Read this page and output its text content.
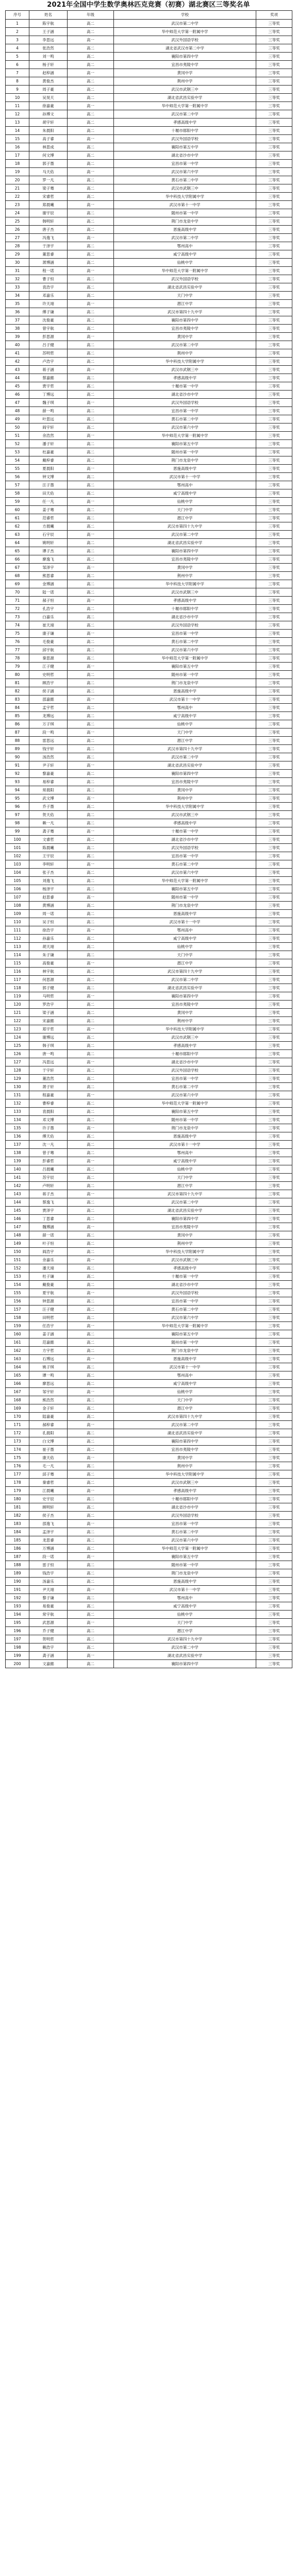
2021年全国中学生数学奥林匹克竞赛（初赛）湖北赛区三等奖名单
序号	姓名	年级	学校	奖项
1	陈宇航	高二	武汉市第二中学	三等奖
2	王子涵	高二	华中师范大学第一附属中学	三等奖
3	李思远	高一	武汉外国语学校	三等奖
4	张浩然	高二	湖北省武汉市第二中学	三等奖
5	刘一鸣	高二	襄阳市第四中学	三等奖
6	杨子轩	高二	宜昌市夷陵中学	三等奖
7	赵梓涵	高一	黄冈中学	三等奖
8	黄俊杰	高二	荆州中学	三等奖
9	周子豪	高二	武汉市武钢三中	三等奖
10	吴昊天	高二	湖北省武昌实验中学	三等奖
11	徐嘉豪	高一	华中师范大学第一附属中学	三等奖
12	孙博文	高二	武汉市第二中学	三等奖
13	胡宇轩	高二	孝感高级中学	三等奖
14	朱晨阳	高二	十堰市郧阳中学	三等奖
15	高子睿	高一	武汉外国语学校	三等奖
16	林思成	高二	襄阳市第五中学	三等奖
17	何文博	高二	湖北省沙市中学	三等奖
18	郭子墨	高二	宜昌市第一中学	三等奖
19	马天佑	高一	武汉市第六中学	三等奖
20	罗一凡	高二	黄石市第二中学	三等奖
21	梁子骞	高二	武汉市武钢三中	三等奖
22	宋睿哲	高二	华中科技大学附属中学	三等奖
23	郑晨曦	高一	武汉市第十一中学	三等奖
24	谢宇辰	高二	随州市第一中学	三等奖
25	韩明轩	高二	荆门市龙泉中学	三等奖
26	唐子杰	高二	恩施高级中学	三等奖
27	冯逸飞	高一	武汉市第二中学	三等奖
28	于泽宇	高二	鄂州高中	三等奖
29	董思睿	高二	咸宁高级中学	三等奖
30	萧博涵	高二	仙桃中学	三等奖
31	程一诺	高一	华中师范大学第一附属中学	三等奖
32	曹子恒	高二	武汉外国语学校	三等奖
33	袁浩宇	高二	湖北省武昌实验中学	三等奖
34	邓嘉乐	高二	天门中学	三等奖
35	许天翊	高一	潜江中学	三等奖
36	傅子谦	高二	武汉市第四十九中学	三等奖
37	沈俊豪	高二	襄阳市第四中学	三等奖
38	曾宇航	高二	宜昌市夷陵中学	三等奖
39	彭思源	高一	黄冈中学	三等奖
40	吕子健	高二	武汉市第二中学	三等奖
41	苏明哲	高二	荆州中学	三等奖
42	卢浩宇	高二	华中科技大学附属中学	三等奖
43	蒋子涵	高一	武汉市武钢三中	三等奖
44	蔡嘉懿	高二	孝感高级中学	三等奖
45	贾宇哲	高二	十堰市第一中学	三等奖
46	丁博远	高二	湖北省沙市中学	三等奖
47	魏子琪	高一	武汉外国语学校	三等奖
48	薛一鸣	高二	宜昌市第一中学	三等奖
49	叶思远	高二	黄石市第二中学	三等奖
50	阎宇轩	高二	武汉市第六中学	三等奖
51	余浩然	高一	华中师范大学第一附属中学	三等奖
52	潘子轩	高二	襄阳市第五中学	三等奖
53	杜嘉豪	高二	随州市第一中学	三等奖
54	戴梓睿	高二	荆门市龙泉中学	三等奖
55	夏晨阳	高一	恩施高级中学	三等奖
56	钟文博	高二	武汉市第十一中学	三等奖
57	汪子墨	高二	鄂州高中	三等奖
58	田天佑	高二	咸宁高级中学	三等奖
59	任一凡	高一	仙桃中学	三等奖
60	姜子骞	高二	天门中学	三等奖
61	范睿哲	高二	潜江中学	三等奖
62	方晨曦	高二	武汉市第四十九中学	三等奖
63	石宇辰	高一	武汉市第二中学	三等奖
64	姚明轩	高二	湖北省武昌实验中学	三等奖
65	谭子杰	高二	襄阳市第四中学	三等奖
66	廖逸飞	高二	宜昌市夷陵中学	三等奖
67	邹泽宇	高一	黄冈中学	三等奖
68	熊思睿	高二	荆州中学	三等奖
69	金博涵	高二	华中科技大学附属中学	三等奖
70	陆一诺	高二	武汉市武钢三中	三等奖
71	郝子恒	高一	孝感高级中学	三等奖
72	孔浩宇	高二	十堰市郧阳中学	三等奖
73	白嘉乐	高二	湖北省沙市中学	三等奖
74	崔天翊	高二	武汉外国语学校	三等奖
75	康子谦	高一	宜昌市第一中学	三等奖
76	毛俊豪	高二	黄石市第二中学	三等奖
77	邱宇航	高二	武汉市第六中学	三等奖
78	秦思源	高二	华中师范大学第一附属中学	三等奖
79	江子健	高一	襄阳市第五中学	三等奖
80	史明哲	高二	随州市第一中学	三等奖
81	顾浩宇	高二	荆门市龙泉中学	三等奖
82	侯子涵	高二	恩施高级中学	三等奖
83	邵嘉懿	高一	武汉市第十一中学	三等奖
84	孟宇哲	高二	鄂州高中	三等奖
85	龙博远	高二	咸宁高级中学	三等奖
86	万子琪	高二	仙桃中学	三等奖
87	段一鸣	高一	天门中学	三等奖
88	雷思远	高二	潜江中学	三等奖
89	钱宇轩	高二	武汉市第四十九中学	三等奖
90	汤浩然	高二	武汉市第二中学	三等奖
91	尹子轩	高一	湖北省武昌实验中学	三等奖
92	黎嘉豪	高二	襄阳市第四中学	三等奖
93	易梓睿	高二	宜昌市夷陵中学	三等奖
94	常晨阳	高二	黄冈中学	三等奖
95	武文博	高一	荆州中学	三等奖
96	乔子墨	高二	华中科技大学附属中学	三等奖
97	贺天佑	高二	武汉市武钢三中	三等奖
98	赖一凡	高二	孝感高级中学	三等奖
99	龚子骞	高一	十堰市第一中学	三等奖
100	文睿哲	高二	湖北省沙市中学	三等奖
101	陈晨曦	高二	武汉外国语学校	三等奖
102	王宇辰	高二	宜昌市第一中学	三等奖
103	李明轩	高一	黄石市第二中学	三等奖
104	张子杰	高二	武汉市第六中学	三等奖
105	刘逸飞	高二	华中师范大学第一附属中学	三等奖
106	杨泽宇	高二	襄阳市第五中学	三等奖
107	赵思睿	高一	随州市第一中学	三等奖
108	黄博涵	高二	荆门市龙泉中学	三等奖
109	周一诺	高二	恩施高级中学	三等奖
110	吴子恒	高二	武汉市第十一中学	三等奖
111	徐浩宇	高一	鄂州高中	三等奖
112	孙嘉乐	高二	咸宁高级中学	三等奖
113	胡天翊	高二	仙桃中学	三等奖
114	朱子谦	高二	天门中学	三等奖
115	高俊豪	高一	潜江中学	三等奖
116	林宇航	高二	武汉市第四十九中学	三等奖
117	何思源	高二	武汉市第二中学	三等奖
118	郭子健	高二	湖北省武昌实验中学	三等奖
119	马明哲	高一	襄阳市第四中学	三等奖
120	罗浩宇	高二	宜昌市夷陵中学	三等奖
121	梁子涵	高二	黄冈中学	三等奖
122	宋嘉懿	高二	荆州中学	三等奖
123	郑宇哲	高一	华中科技大学附属中学	三等奖
124	谢博远	高二	武汉市武钢三中	三等奖
125	韩子琪	高二	孝感高级中学	三等奖
126	唐一鸣	高二	十堰市郧阳中学	三等奖
127	冯思远	高一	湖北省沙市中学	三等奖
128	于宇轩	高二	武汉外国语学校	三等奖
129	董浩然	高二	宜昌市第一中学	三等奖
130	萧子轩	高二	黄石市第二中学	三等奖
131	程嘉豪	高一	武汉市第六中学	三等奖
132	曹梓睿	高二	华中师范大学第一附属中学	三等奖
133	袁晨阳	高二	襄阳市第五中学	三等奖
134	邓文博	高二	随州市第一中学	三等奖
135	许子墨	高一	荆门市龙泉中学	三等奖
136	傅天佑	高二	恩施高级中学	三等奖
137	沈一凡	高二	武汉市第十一中学	三等奖
138	曾子骞	高二	鄂州高中	三等奖
139	彭睿哲	高一	咸宁高级中学	三等奖
140	吕晨曦	高二	仙桃中学	三等奖
141	苏宇辰	高二	天门中学	三等奖
142	卢明轩	高二	潜江中学	三等奖
143	蒋子杰	高一	武汉市第四十九中学	三等奖
144	蔡逸飞	高二	武汉市第二中学	三等奖
145	贾泽宇	高二	湖北省武昌实验中学	三等奖
146	丁思睿	高二	襄阳市第四中学	三等奖
147	魏博涵	高一	宜昌市夷陵中学	三等奖
148	薛一诺	高二	黄冈中学	三等奖
149	叶子恒	高二	荆州中学	三等奖
150	阎浩宇	高二	华中科技大学附属中学	三等奖
151	余嘉乐	高一	武汉市武钢三中	三等奖
152	潘天翊	高二	孝感高级中学	三等奖
153	杜子谦	高二	十堰市第一中学	三等奖
154	戴俊豪	高二	湖北省沙市中学	三等奖
155	夏宇航	高一	武汉外国语学校	三等奖
156	钟思源	高二	宜昌市第一中学	三等奖
157	汪子健	高二	黄石市第二中学	三等奖
158	田明哲	高二	武汉市第六中学	三等奖
159	任浩宇	高一	华中师范大学第一附属中学	三等奖
160	姜子涵	高二	襄阳市第五中学	三等奖
161	范嘉懿	高二	随州市第一中学	三等奖
162	方宇哲	高二	荆门市龙泉中学	三等奖
163	石博远	高一	恩施高级中学	三等奖
164	姚子琪	高二	武汉市第十一中学	三等奖
165	谭一鸣	高二	鄂州高中	三等奖
166	廖思远	高二	咸宁高级中学	三等奖
167	邹宇轩	高一	仙桃中学	三等奖
168	熊浩然	高二	天门中学	三等奖
169	金子轩	高二	潜江中学	三等奖
170	陆嘉豪	高二	武汉市第四十九中学	三等奖
171	郝梓睿	高一	武汉市第二中学	三等奖
172	孔晨阳	高二	湖北省武昌实验中学	三等奖
173	白文博	高二	襄阳市第四中学	三等奖
174	崔子墨	高二	宜昌市夷陵中学	三等奖
175	康天佑	高一	黄冈中学	三等奖
176	毛一凡	高二	荆州中学	三等奖
177	邱子骞	高二	华中科技大学附属中学	三等奖
178	秦睿哲	高二	武汉市武钢三中	三等奖
179	江晨曦	高一	孝感高级中学	三等奖
180	史宇辰	高二	十堰市郧阳中学	三等奖
181	顾明轩	高二	湖北省沙市中学	三等奖
182	侯子杰	高二	武汉外国语学校	三等奖
183	邵逸飞	高一	宜昌市第一中学	三等奖
184	孟泽宇	高二	黄石市第二中学	三等奖
185	龙思睿	高二	武汉市第六中学	三等奖
186	万博涵	高二	华中师范大学第一附属中学	三等奖
187	段一诺	高一	襄阳市第五中学	三等奖
188	雷子恒	高二	随州市第一中学	三等奖
189	钱浩宇	高二	荆门市龙泉中学	三等奖
190	汤嘉乐	高二	恩施高级中学	三等奖
191	尹天翊	高一	武汉市第十一中学	三等奖
192	黎子谦	高二	鄂州高中	三等奖
193	易俊豪	高二	咸宁高级中学	三等奖
194	常宇航	高二	仙桃中学	三等奖
195	武思源	高一	天门中学	三等奖
196	乔子健	高二	潜江中学	三等奖
197	贺明哲	高二	武汉市第四十九中学	三等奖
198	赖浩宇	高二	武汉市第二中学	三等奖
199	龚子涵	高一	湖北省武昌实验中学	三等奖
200	文嘉懿	高二	襄阳市第四中学	三等奖
